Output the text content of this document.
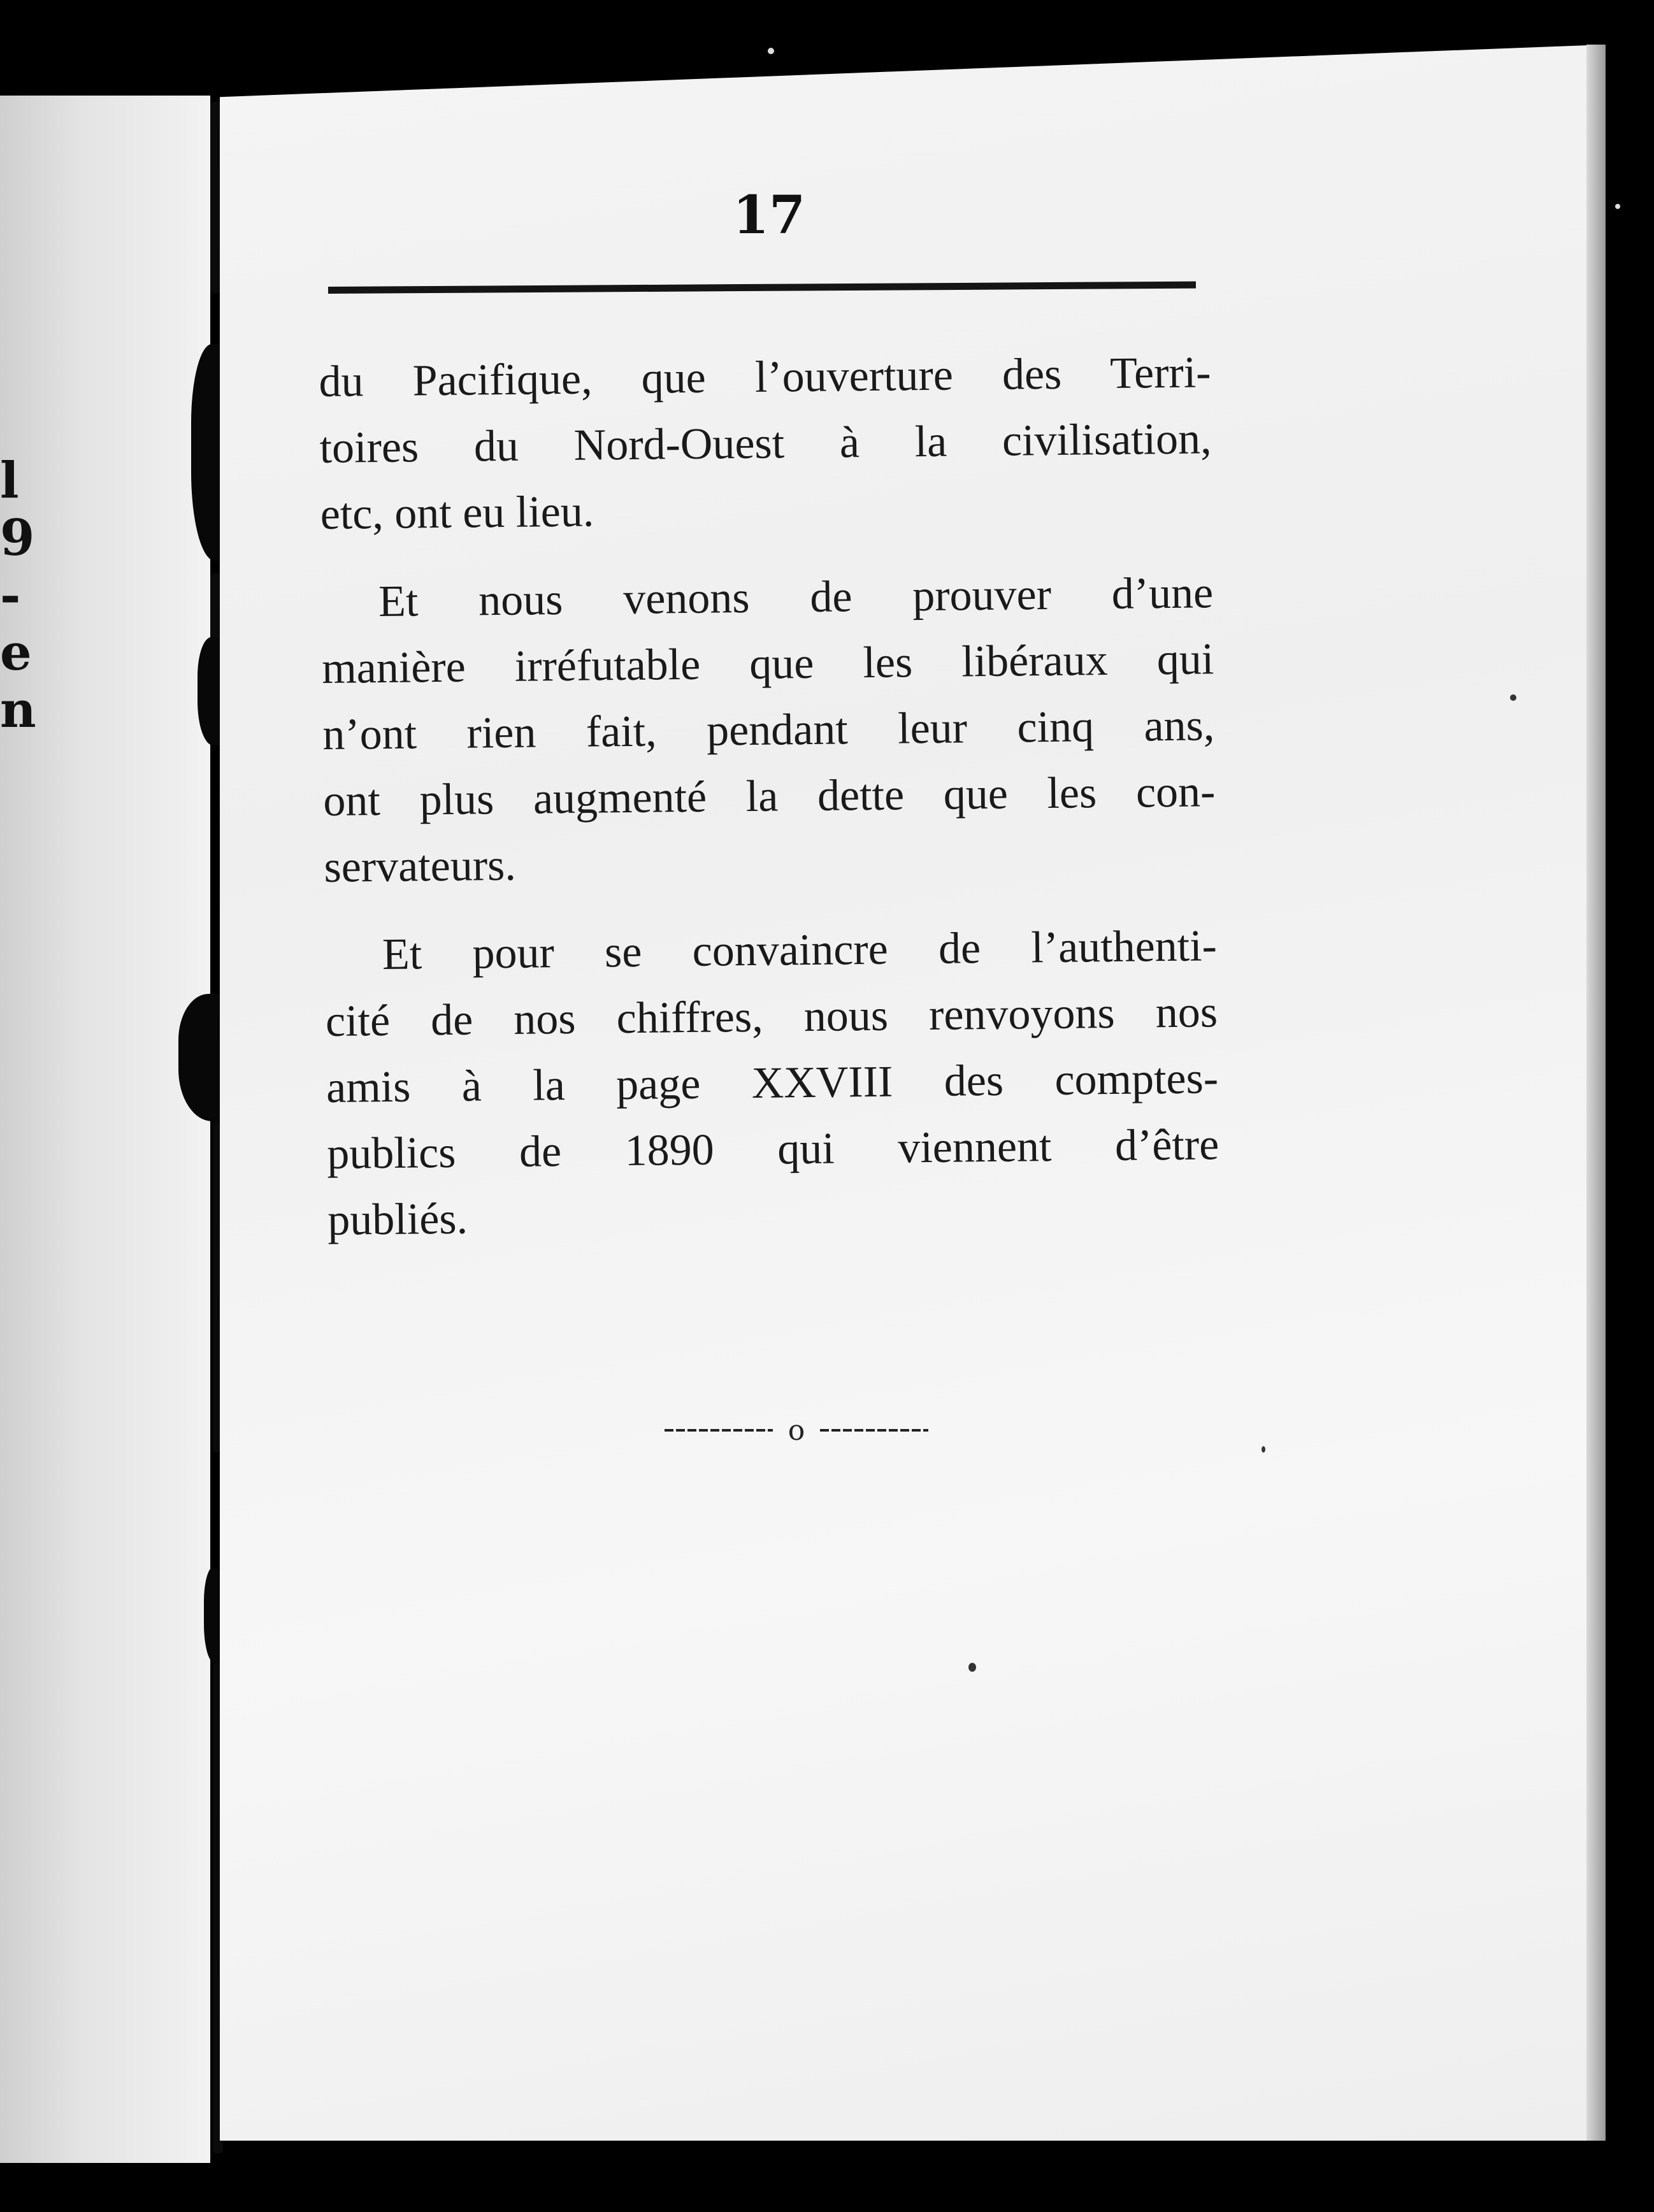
l
9
-
e
n
17

du Pacifique, que l’ouverture des Terri-
toires du Nord-Ouest à la civilisation,
etc, ont eu lieu.

Et nous venons de prouver d’une
manière irréfutable que les libéraux qui
n’ont rien fait, pendant leur cinq ans,
ont plus augmenté la dette que les con-
servateurs.

Et pour se convaincre de l’authenti-
cité de nos chiffres, nous renvoyons nos
amis à la page XXVIII des comptes-
publics de 1890 qui viennent d’être
publiés.

o
